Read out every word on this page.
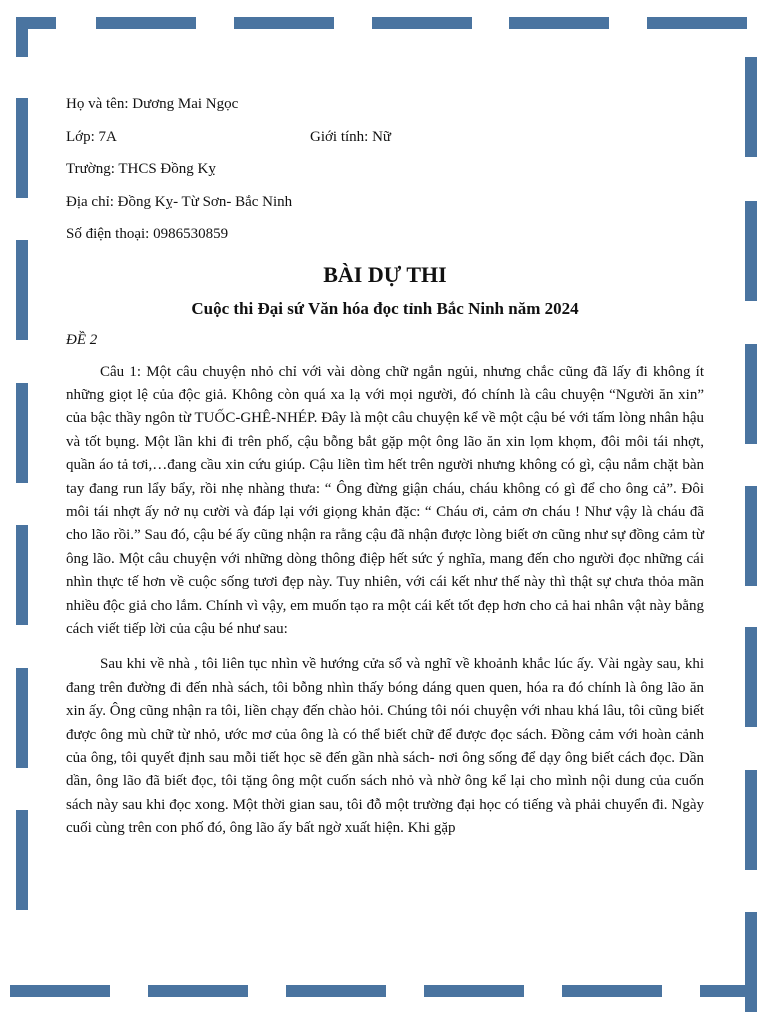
Họ và tên: Dương Mai Ngọc
Lớp: 7A	Giới tính: Nữ
Trường: THCS Đồng Kỵ
Địa chỉ: Đồng Kỵ- Từ Sơn- Bắc Ninh
Số điện thoại: 0986530859
BÀI DỰ THI
Cuộc thi Đại sứ Văn hóa đọc tỉnh Bắc Ninh năm 2024
ĐỀ 2

Câu 1: Một câu chuyện nhỏ chỉ với vài dòng chữ ngắn ngủi, nhưng chắc cũng đã lấy đi không ít những giọt lệ của độc giả. Không còn quá xa lạ với mọi người, đó chính là câu chuyện “Người ăn xin” của bậc thầy ngôn từ TUỐC-GHÊ-NHÉP. Đây là một câu chuyện kể về một cậu bé với tấm lòng nhân hậu và tốt bụng. Một lần khi đi trên phố, cậu bỗng bắt gặp một ông lão ăn xin lọm khọm, đôi môi tái nhợt, quần áo tả tơi,…đang cầu xin cứu giúp. Cậu liền tìm hết trên người nhưng không có gì, cậu nắm chặt bàn tay đang run lẩy bẩy, rồi nhẹ nhàng thưa: “ Ông đừng giận cháu, cháu không có gì để cho ông cả”. Đôi môi tái nhợt ấy nở nụ cười và đáp lại với giọng khản đặc: “ Cháu ơi, cảm ơn cháu ! Như vậy là cháu đã cho lão rồi.” Sau đó, cậu bé ấy cũng nhận ra rằng cậu đã nhận được lòng biết ơn cũng như sự đồng cảm từ ông lão. Một câu chuyện với những dòng thông điệp hết sức ý nghĩa, mang đến cho người đọc những cái nhìn thực tế hơn về cuộc sống tươi đẹp này. Tuy nhiên, với cái kết như thế này thì thật sự chưa thỏa mãn nhiều độc giả cho lắm. Chính vì vậy, em muốn tạo ra một cái kết tốt đẹp hơn cho cả hai nhân vật này bằng cách viết tiếp lời của cậu bé như sau:

Sau khi về nhà , tôi liên tục nhìn về hướng cửa sổ và nghĩ về khoảnh khắc lúc ấy. Vài ngày sau, khi đang trên đường đi đến nhà sách, tôi bỗng nhìn thấy bóng dáng quen quen, hóa ra đó chính là ông lão ăn xin ấy. Ông cũng nhận ra tôi, liền chạy đến chào hỏi. Chúng tôi nói chuyện với nhau khá lâu, tôi cũng biết được ông mù chữ từ nhỏ, ước mơ của ông là có thể biết chữ để được đọc sách. Đồng cảm với hoàn cảnh của ông, tôi quyết định sau mỗi tiết học sẽ đến gần nhà sách- nơi ông sống để dạy ông biết cách đọc. Dần dần, ông lão đã biết đọc, tôi tặng ông một cuốn sách nhỏ và nhờ ông kể lại cho mình nội dung của cuốn sách này sau khi đọc xong. Một thời gian sau, tôi đỗ một trường đại học có tiếng và phải chuyển đi. Ngày cuối cùng trên con phố đó, ông lão ấy bất ngờ xuất hiện. Khi gặp
